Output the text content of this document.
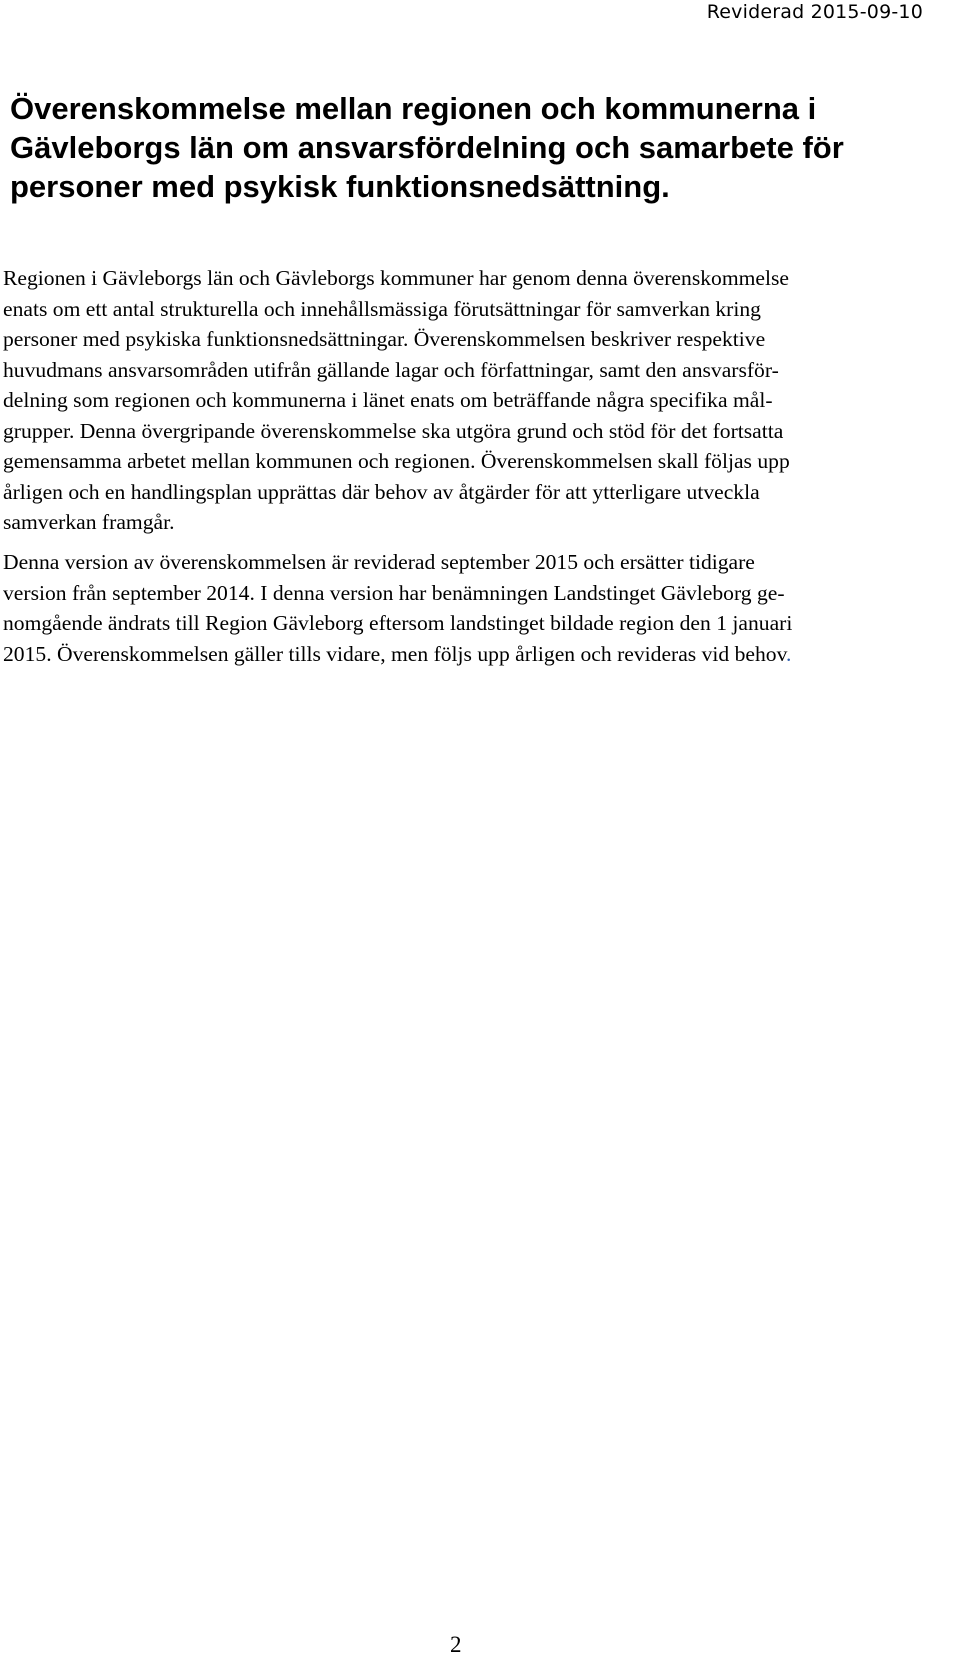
Reviderad 2015-09-10
Överenskommelse mellan regionen och kommunerna i
Gävleborgs län om ansvarsfördelning och samarbete för
personer med psykisk funktionsnedsättning.

Regionen i Gävleborgs län och Gävleborgs kommuner har genom denna överenskommelse
enats om ett antal strukturella och innehållsmässiga förutsättningar för samverkan kring
personer med psykiska funktionsnedsättningar. Överenskommelsen beskriver respektive
huvudmans ansvarsområden utifrån gällande lagar och författningar, samt den ansvarsför-
delning som regionen och kommunerna i länet enats om beträffande några specifika mål-
grupper. Denna övergripande överenskommelse ska utgöra grund och stöd för det fortsatta
gemensamma arbetet mellan kommunen och regionen. Överenskommelsen skall följas upp
årligen och en handlingsplan upprättas där behov av åtgärder för att ytterligare utveckla
samverkan framgår.

Denna version av överenskommelsen är reviderad september 2015 och ersätter tidigare
version från september 2014. I denna version har benämningen Landstinget Gävleborg ge-
nomgående ändrats till Region Gävleborg eftersom landstinget bildade region den 1 januari
2015. Överenskommelsen gäller tills vidare, men följs upp årligen och revideras vid behov.

2
